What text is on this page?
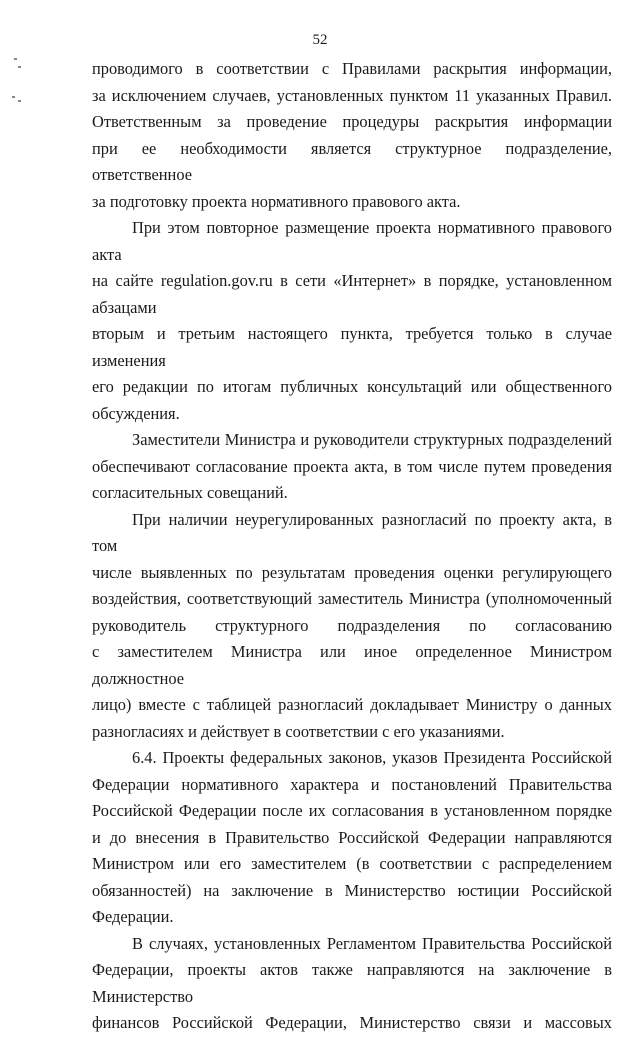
52
проводимого в соответствии с Правилами раскрытия информации,
за исключением случаев, установленных пунктом 11 указанных Правил.
Ответственным за проведение процедуры раскрытия информации
при ее необходимости является структурное подразделение, ответственное
за подготовку проекта нормативного правового акта.
При этом повторное размещение проекта нормативного правового акта
на сайте regulation.gov.ru в сети «Интернет» в порядке, установленном абзацами
вторым и третьим настоящего пункта, требуется только в случае изменения
его редакции по итогам публичных консультаций или общественного
обсуждения.
Заместители Министра и руководители структурных подразделений
обеспечивают согласование проекта акта, в том числе путем проведения
согласительных совещаний.
При наличии неурегулированных разногласий по проекту акта, в том
числе выявленных по результатам проведения оценки регулирующего
воздействия, соответствующий заместитель Министра (уполномоченный
руководитель структурного подразделения по согласованию
с заместителем Министра или иное определенное Министром должностное
лицо) вместе с таблицей разногласий докладывает Министру о данных
разногласиях и действует в соответствии с его указаниями.
6.4. Проекты федеральных законов, указов Президента Российской
Федерации нормативного характера и постановлений Правительства
Российской Федерации после их согласования в установленном порядке
и до внесения в Правительство Российской Федерации направляются
Министром или его заместителем (в соответствии с распределением
обязанностей) на заключение в Министерство юстиции Российской Федерации.
В случаях, установленных Регламентом Правительства Российской
Федерации, проекты актов также направляются на заключение в Министерство
финансов Российской Федерации, Министерство связи и массовых
